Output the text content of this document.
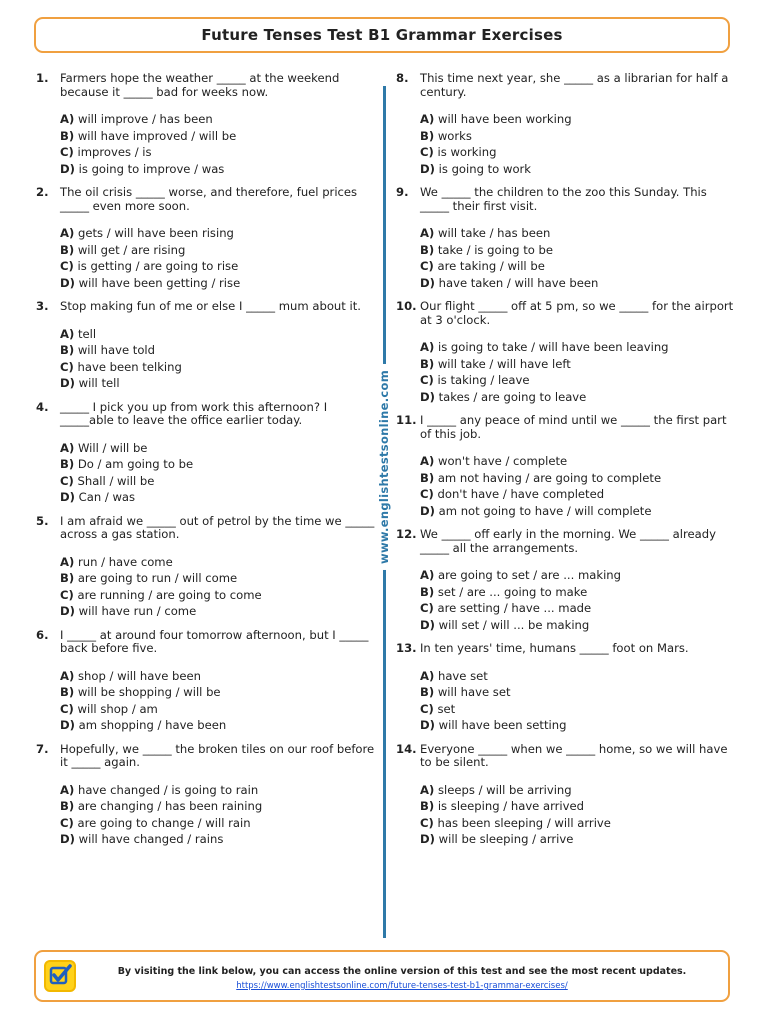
Future Tenses Test B1 Grammar Exercises
1. Farmers hope the weather _____ at the weekend because it _____ bad for weeks now.

A) will improve / has been
B) will have improved / will be
C) improves / is
D) is going to improve / was
2. The oil crisis _____ worse, and therefore, fuel prices _____ even more soon.

A) gets / will have been rising
B) will get / are rising
C) is getting / are going to rise
D) will have been getting / rise
3. Stop making fun of me or else I _____ mum about it.

A) tell
B) will have told
C) have been telking
D) will tell
4. _____ I pick you up from work this afternoon? I _____able to leave the office earlier today.

A) Will / will be
B) Do / am going to be
C) Shall / will be
D) Can / was
5. I am afraid we _____ out of petrol by the time we _____ across a gas station.

A) run / have come
B) are going to run / will come
C) are running / are going to come
D) will have run / come
6. I _____ at around four tomorrow afternoon, but I _____ back before five.

A) shop / will have been
B) will be shopping / will be
C) will shop / am
D) am shopping / have been
7. Hopefully, we _____ the broken tiles on our roof before it _____ again.

A) have changed / is going to rain
B) are changing / has been raining
C) are going to change / will rain
D) will have changed / rains
www.englishtestsonline.com
8. This time next year, she _____ as a librarian for half a century.

A) will have been working
B) works
C) is working
D) is going to work
9. We _____ the children to the zoo this Sunday. This _____ their first visit.

A) will take / has been
B) take / is going to be
C) are taking / will be
D) have taken / will have been
10. Our flight _____ off at 5 pm, so we _____ for the airport at 3 o'clock.

A) is going to take / will have been leaving
B) will take / will have left
C) is taking / leave
D) takes / are going to leave
11. I _____ any peace of mind until we _____ the first part of this job.

A) won't have / complete
B) am not having / are going to complete
C) don't have / have completed
D) am not going to have / will complete
12. We _____ off early in the morning. We _____ already _____ all the arrangements.

A) are going to set / are ... making
B) set / are ... going to make
C) are setting / have ... made
D) will set / will ... be making
13. In ten years' time, humans _____ foot on Mars.

A) have set
B) will have set
C) set
D) will have been setting
14. Everyone _____ when we _____ home, so we will have to be silent.

A) sleeps / will be arriving
B) is sleeping / have arrived
C) has been sleeping / will arrive
D) will be sleeping / arrive
By visiting the link below, you can access the online version of this test and see the most recent updates.
https://www.englishtestsonline.com/future-tenses-test-b1-grammar-exercises/
